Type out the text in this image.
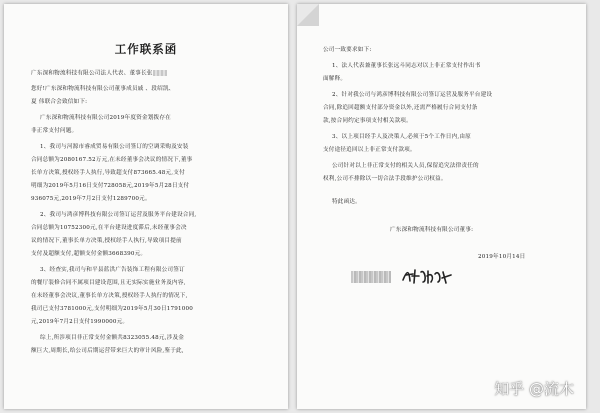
工作联系函
广东深和物流科技有限公司法人代表、董事长张
您好!广东深和物流科技有限公司董事成员戚 、段绍凯、
夏 伟联合会致信如下:
广东深和物流科技有限公司2019年度资金划拨存在
非正常支付问题。
1、我司与河源市睿成贸易有限公司签订的空调采购及安装
合同总额为2080167.52万元,在未经董事会决议的情况下,董事
长单方决策,授权经手人执行,导致超支付873665.48元,支付
明细为2019年5月16日支付728058元,2019年5月28日支付
936075元,2019年7月2日支付1289700元。
2、我司与鸿彦博科技有限公司签订运营及服务平台建设合同,
合同总额为10752300元,在平台建设进度滞后,未经董事会决
议的情况下,董事长单方决策,授权经手人执行,导致项目提前
支付及超额支付,超额支付金额3668390元。
3、经查实,我司与和平县蓝洪广告装饰工程有限公司签订
的餐厅装修合同不属项目建设范围,且无实际实施业务及内容,
在未经董事会决议,董事长单方决策,授权经手人执行的情况下,
我司已支付3781000元,支付明细为2019年5月30日1791000
元,2019年7月2日支付1990000元。
综上,所涉项目非正常支付金额共8323055.48元,涉及金
额巨大,周期长,给公司后期运营带来巨大的审计风险,鉴于此,
公司一致要求如下:
1、法人代表兼董事长张远斗同志对以上非正常支付作出书
面解释。
2、针对我公司与鸿彦博科技有限公司签订运营及服务平台建设
合同,除追回超额支付部分资金以外,还需严格履行合同支付条
款,按合同约定事项支付相关款项。
3、以上项目经手人及决策人,必须于5个工作日内,由原
支付途径追回以上非正常支付款项。
公司针对以上非正常支付的相关人员,保留追究法律责任的
权利,公司不排除以一切合法手段维护公司权益。
特此函达。
广东深和物流科技有限公司董事:
2019年10月14日
知乎 @流木
